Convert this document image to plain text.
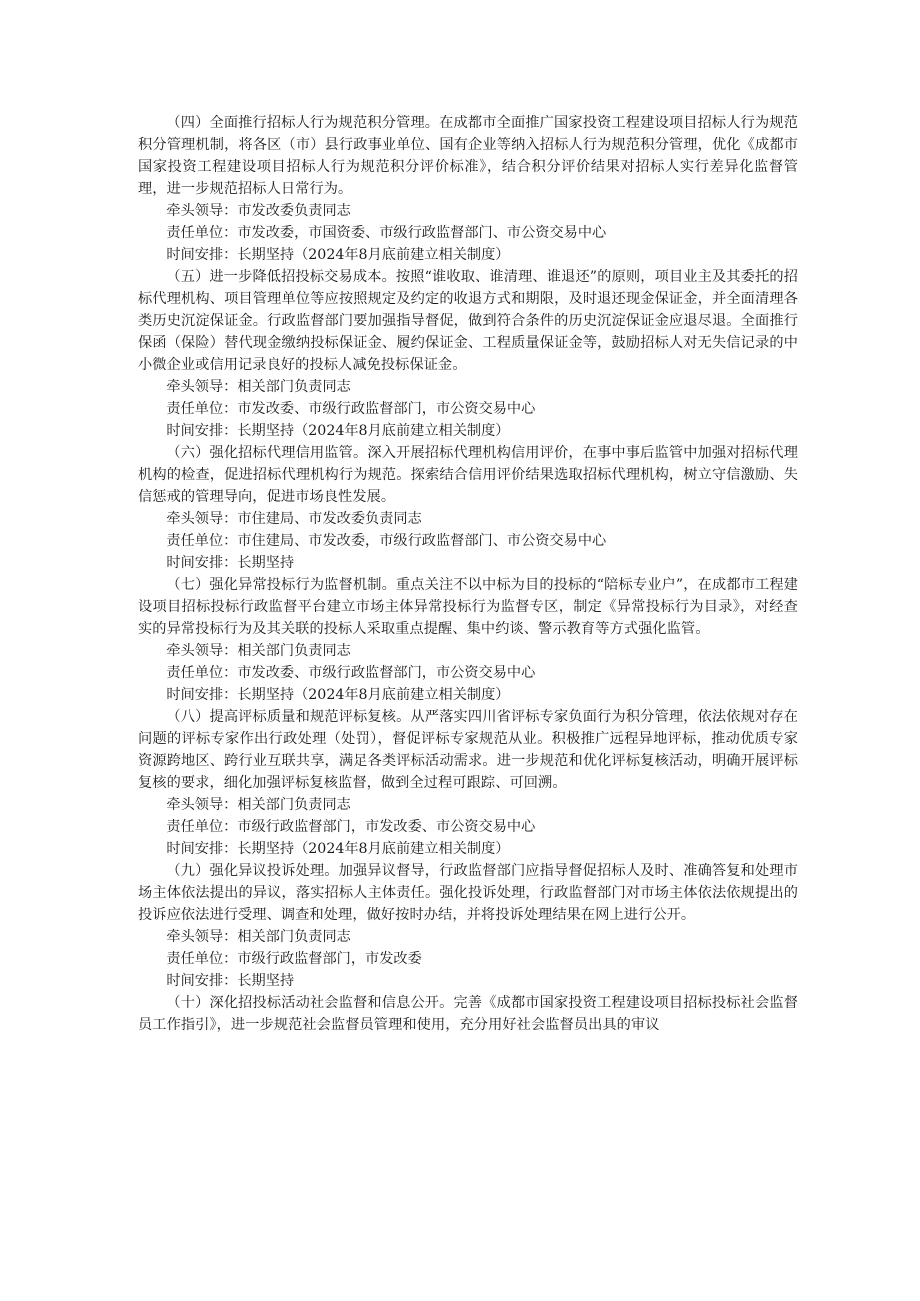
（四）全面推行招标人行为规范积分管理。在成都市全面推广国家投资工程建设项目招标人行为规范积分管理机制，将各区（市）县行政事业单位、国有企业等纳入招标人行为规范积分管理，优化《成都市国家投资工程建设项目招标人行为规范积分评价标准》，结合积分评价结果对招标人实行差异化监督管理，进一步规范招标人日常行为。

牵头领导：市发改委负责同志

责任单位：市发改委，市国资委、市级行政监督部门、市公资交易中心

时间安排：长期坚持（2024年8月底前建立相关制度）

（五）进一步降低招投标交易成本。按照“谁收取、谁清理、谁退还”的原则，项目业主及其委托的招标代理机构、项目管理单位等应按照规定及约定的收退方式和期限，及时退还现金保证金，并全面清理各类历史沉淀保证金。行政监督部门要加强指导督促，做到符合条件的历史沉淀保证金应退尽退。全面推行保函（保险）替代现金缴纳投标保证金、履约保证金、工程质量保证金等，鼓励招标人对无失信记录的中小微企业或信用记录良好的投标人减免投标保证金。

牵头领导：相关部门负责同志

责任单位：市发改委、市级行政监督部门，市公资交易中心

时间安排：长期坚持（2024年8月底前建立相关制度）

（六）强化招标代理信用监管。深入开展招标代理机构信用评价，在事中事后监管中加强对招标代理机构的检查，促进招标代理机构行为规范。探索结合信用评价结果选取招标代理机构，树立守信激励、失信惩戒的管理导向，促进市场良性发展。

牵头领导：市住建局、市发改委负责同志

责任单位：市住建局、市发改委，市级行政监督部门、市公资交易中心

时间安排：长期坚持

（七）强化异常投标行为监督机制。重点关注不以中标为目的投标的“陪标专业户”，在成都市工程建设项目招标投标行政监督平台建立市场主体异常投标行为监督专区，制定《异常投标行为目录》，对经查实的异常投标行为及其关联的投标人采取重点提醒、集中约谈、警示教育等方式强化监管。

牵头领导：相关部门负责同志

责任单位：市发改委、市级行政监督部门，市公资交易中心

时间安排：长期坚持（2024年8月底前建立相关制度）

（八）提高评标质量和规范评标复核。从严落实四川省评标专家负面行为积分管理，依法依规对存在问题的评标专家作出行政处理（处罚），督促评标专家规范从业。积极推广远程异地评标，推动优质专家资源跨地区、跨行业互联共享，满足各类评标活动需求。进一步规范和优化评标复核活动，明确开展评标复核的要求，细化加强评标复核监督，做到全过程可跟踪、可回溯。

牵头领导：相关部门负责同志

责任单位：市级行政监督部门，市发改委、市公资交易中心

时间安排：长期坚持（2024年8月底前建立相关制度）

（九）强化异议投诉处理。加强异议督导，行政监督部门应指导督促招标人及时、准确答复和处理市场主体依法提出的异议，落实招标人主体责任。强化投诉处理，行政监督部门对市场主体依法依规提出的投诉应依法进行受理、调查和处理，做好按时办结，并将投诉处理结果在网上进行公开。

牵头领导：相关部门负责同志

责任单位：市级行政监督部门，市发改委

时间安排：长期坚持

（十）深化招投标活动社会监督和信息公开。完善《成都市国家投资工程建设项目招标投标社会监督员工作指引》，进一步规范社会监督员管理和使用，充分用好社会监督员出具的审议
